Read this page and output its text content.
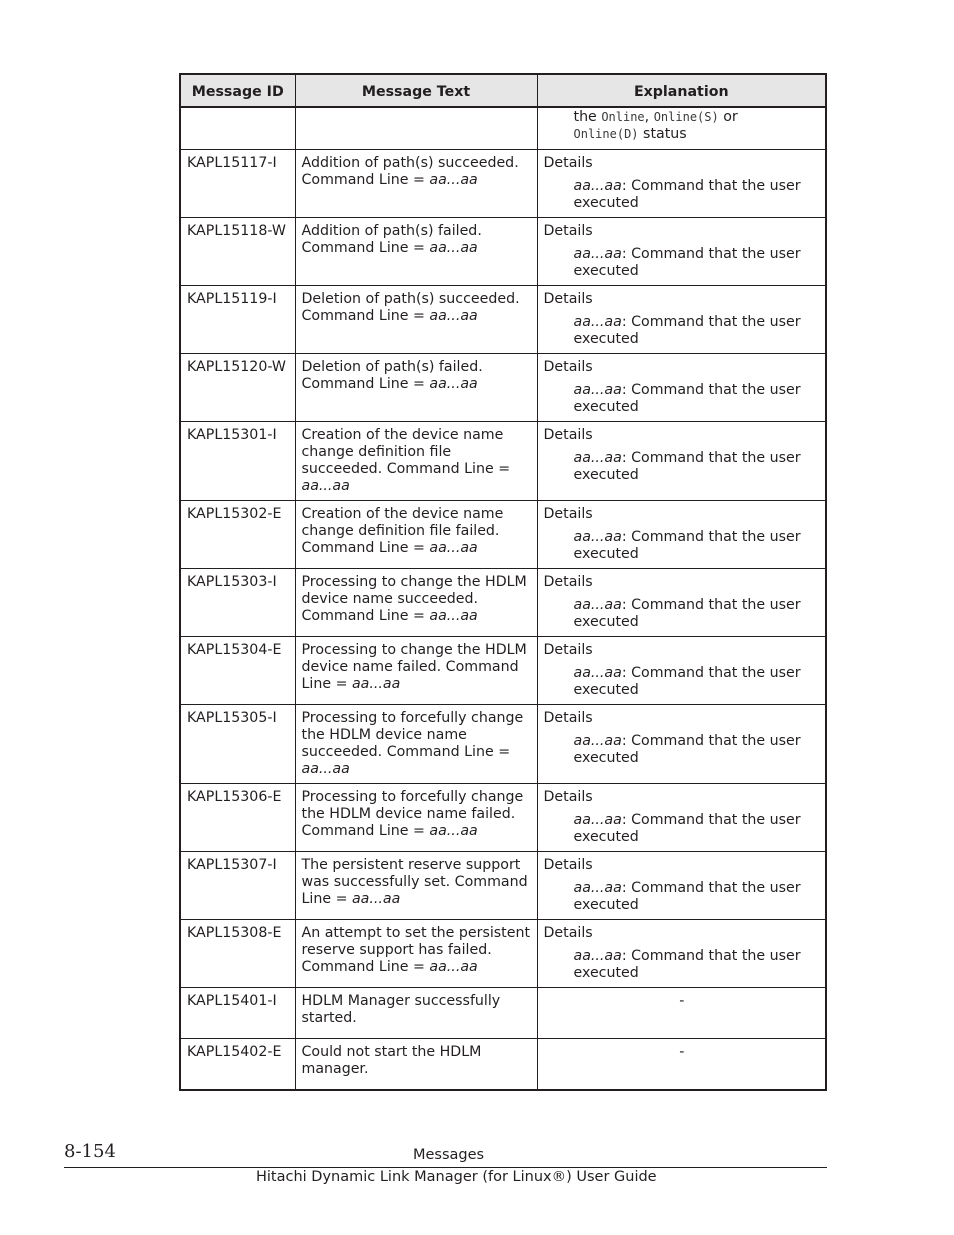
Message ID	Message Text	Explanation

		the Online, Online(S) or
Online(D) status

KAPL15117-I	Addition of path(s) succeeded. Command Line = aa...aa	Details
aa...aa: Command that the user executed

KAPL15118-W	Addition of path(s) failed. Command Line = aa...aa	Details
aa...aa: Command that the user executed

KAPL15119-I	Deletion of path(s) succeeded. Command Line = aa...aa	Details
aa...aa: Command that the user executed

KAPL15120-W	Deletion of path(s) failed. Command Line = aa...aa	Details
aa...aa: Command that the user executed

KAPL15301-I	Creation of the device name change definition file succeeded. Command Line = aa...aa	Details
aa...aa: Command that the user executed

KAPL15302-E	Creation of the device name change definition file failed. Command Line = aa...aa	Details
aa...aa: Command that the user executed

KAPL15303-I	Processing to change the HDLM device name succeeded. Command Line = aa...aa	Details
aa...aa: Command that the user executed

KAPL15304-E	Processing to change the HDLM device name failed. Command Line = aa...aa	Details
aa...aa: Command that the user executed

KAPL15305-I	Processing to forcefully change the HDLM device name succeeded. Command Line = aa...aa	Details
aa...aa: Command that the user executed

KAPL15306-E	Processing to forcefully change the HDLM device name failed. Command Line = aa...aa	Details
aa...aa: Command that the user executed

KAPL15307-I	The persistent reserve support was successfully set. Command Line = aa...aa	Details
aa...aa: Command that the user executed

KAPL15308-E	An attempt to set the persistent reserve support has failed. Command Line = aa...aa	Details
aa...aa: Command that the user executed

KAPL15401-I	HDLM Manager successfully started.	-
KAPL15402-E	Could not start the HDLM manager.	-
8-154	Messages
Hitachi Dynamic Link Manager (for Linux®) User Guide
